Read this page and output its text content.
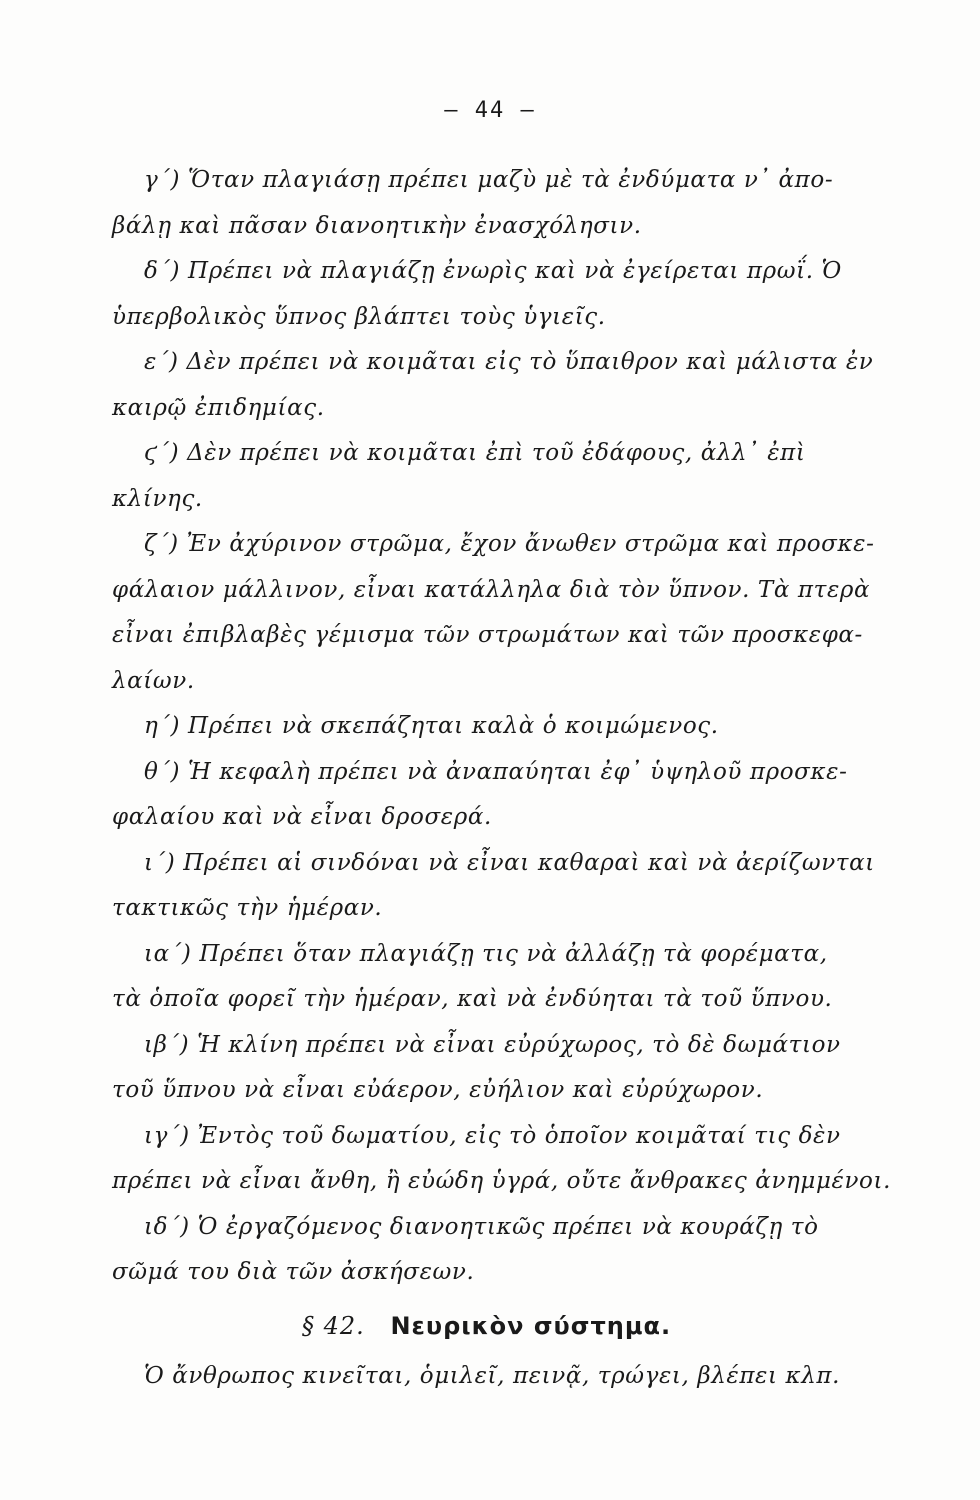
— 44 —
γ΄) Ὅταν πλαγιάσῃ πρέπει μαζὺ μὲ τὰ ἐνδύματα ν᾽ ἀπο-
βάλῃ καὶ πᾶσαν διανοητικὴν ἐνασχόλησιν.
δ΄) Πρέπει νὰ πλαγιάζῃ ἐνωρὶς καὶ νὰ ἐγείρεται πρωΐ. Ὁ
ὑπερβολικὸς ὕπνος βλάπτει τοὺς ὑγιεῖς.
ε΄) Δὲν πρέπει νὰ κοιμᾶται εἰς τὸ ὕπαιθρον καὶ μάλιστα ἐν
καιρῷ ἐπιδημίας.
ϛ΄) Δὲν πρέπει νὰ κοιμᾶται ἐπὶ τοῦ ἐδάφους, ἀλλ᾽ ἐπὶ
κλίνης.
ζ΄) Ἐν ἀχύρινον στρῶμα, ἔχον ἄνωθεν στρῶμα καὶ προσκε-
φάλαιον μάλλινον, εἶναι κατάλληλα διὰ τὸν ὕπνον. Τὰ πτερὰ
εἶναι ἐπιβλαβὲς γέμισμα τῶν στρωμάτων καὶ τῶν προσκεφα-
λαίων.
η΄) Πρέπει νὰ σκεπάζηται καλὰ ὁ κοιμώμενος.
θ΄) Ἡ κεφαλὴ πρέπει νὰ ἀναπαύηται ἐφ᾽ ὑψηλοῦ προσκε-
φαλαίου καὶ νὰ εἶναι δροσερά.
ι΄) Πρέπει αἱ σινδόναι νὰ εἶναι καθαραὶ καὶ νὰ ἀερίζωνται
τακτικῶς τὴν ἡμέραν.
ια΄) Πρέπει ὅταν πλαγιάζῃ τις νὰ ἀλλάζῃ τὰ φορέματα,
τὰ ὁποῖα φορεῖ τὴν ἡμέραν, καὶ νὰ ἐνδύηται τὰ τοῦ ὕπνου.
ιβ΄) Ἡ κλίνη πρέπει νὰ εἶναι εὐρύχωρος, τὸ δὲ δωμάτιον
τοῦ ὕπνου νὰ εἶναι εὐάερον, εὐήλιον καὶ εὐρύχωρον.
ιγ΄) Ἐντὸς τοῦ δωματίου, εἰς τὸ ὁποῖον κοιμᾶταί τις δὲν
πρέπει νὰ εἶναι ἄνθη, ἢ εὐώδη ὑγρά, οὔτε ἄνθρακες ἀνημμένοι.
ιδ΄) Ὁ ἐργαζόμενος διανοητικῶς πρέπει νὰ κουράζῃ τὸ
σῶμά του διὰ τῶν ἀσκήσεων.
§ 42. Νευρικὸν σύστημα.
Ὁ ἄνθρωπος κινεῖται, ὁμιλεῖ, πεινᾷ, τρώγει, βλέπει κλπ.
